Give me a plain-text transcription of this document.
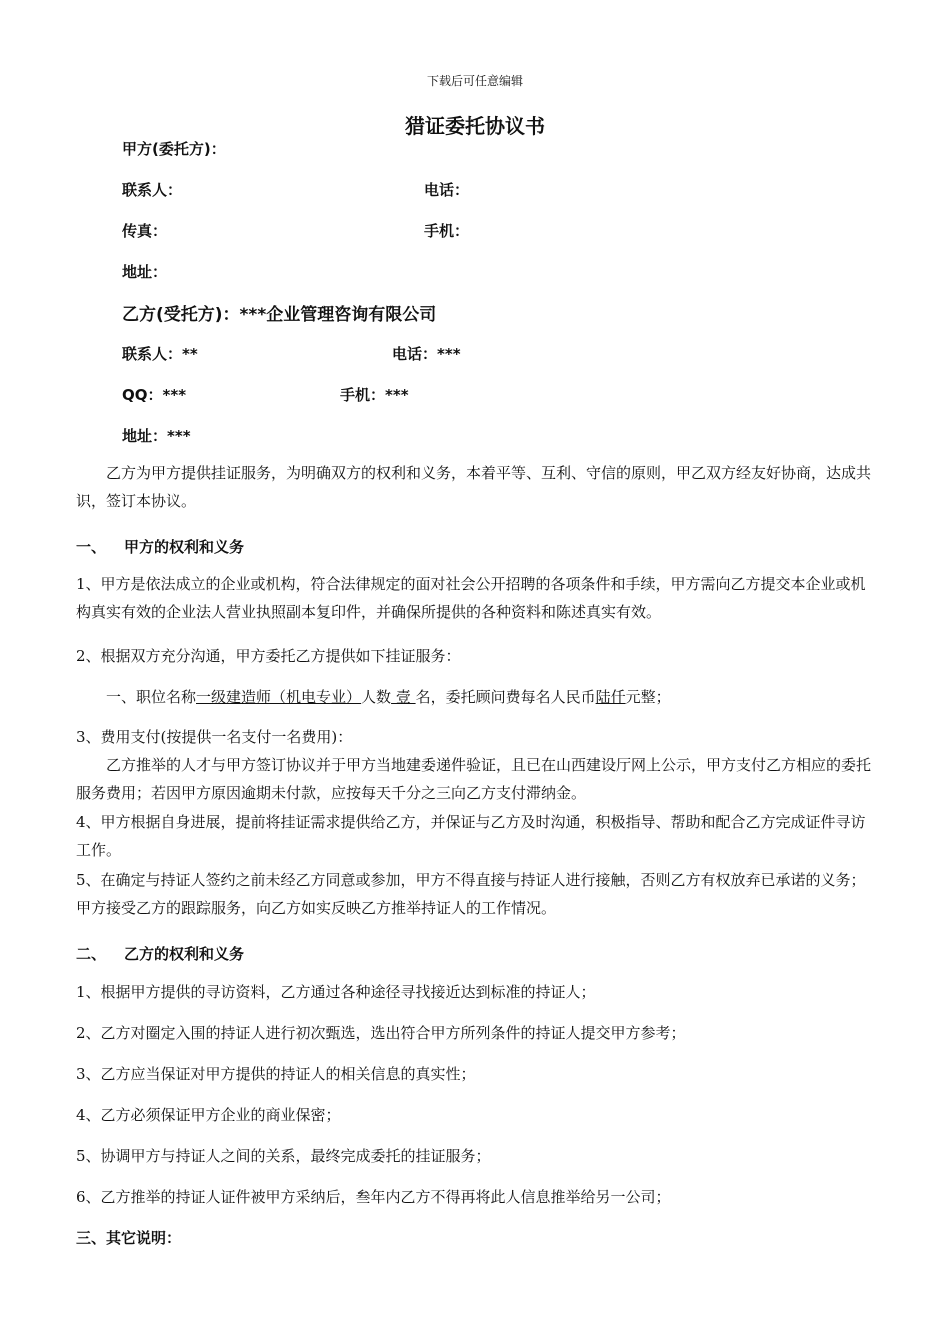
下载后可任意编辑
猎证委托协议书
甲方(委托方)：
联系人：	电话：
传真：	手机：
地址：
乙方(受托方)：***企业管理咨询有限公司
联系人：**	电话：***
QQ：***	手机：***
地址：***
乙方为甲方提供挂证服务，为明确双方的权利和义务，本着平等、互利、守信的原则，甲乙双方经友好协商，达成共识，签订本协议。
一、 甲方的权利和义务
1、甲方是依法成立的企业或机构，符合法律规定的面对社会公开招聘的各项条件和手续，甲方需向乙方提交本企业或机构真实有效的企业法人营业执照副本复印件，并确保所提供的各种资料和陈述真实有效。
2、根据双方充分沟通，甲方委托乙方提供如下挂证服务：
一、职位名称一级建造师（机电专业）人数 壹 名，委托顾问费每名人民币陆仟元整；
3、费用支付(按提供一名支付一名费用)：
乙方推举的人才与甲方签订协议并于甲方当地建委递件验证，且已在山西建设厅网上公示，甲方支付乙方相应的委托服务费用；若因甲方原因逾期未付款，应按每天千分之三向乙方支付滞纳金。
4、甲方根据自身进展，提前将挂证需求提供给乙方，并保证与乙方及时沟通，积极指导、帮助和配合乙方完成证件寻访工作。
5、在确定与持证人签约之前未经乙方同意或参加，甲方不得直接与持证人进行接触，否则乙方有权放弃已承诺的义务；甲方接受乙方的跟踪服务，向乙方如实反映乙方推举持证人的工作情况。
二、 乙方的权利和义务
1、根据甲方提供的寻访资料，乙方通过各种途径寻找接近达到标准的持证人；
2、乙方对圈定入围的持证人进行初次甄选，选出符合甲方所列条件的持证人提交甲方参考；
3、乙方应当保证对甲方提供的持证人的相关信息的真实性；
4、乙方必须保证甲方企业的商业保密；
5、协调甲方与持证人之间的关系，最终完成委托的挂证服务；
6、乙方推举的持证人证件被甲方采纳后，叁年内乙方不得再将此人信息推举给另一公司；
三、其它说明：
